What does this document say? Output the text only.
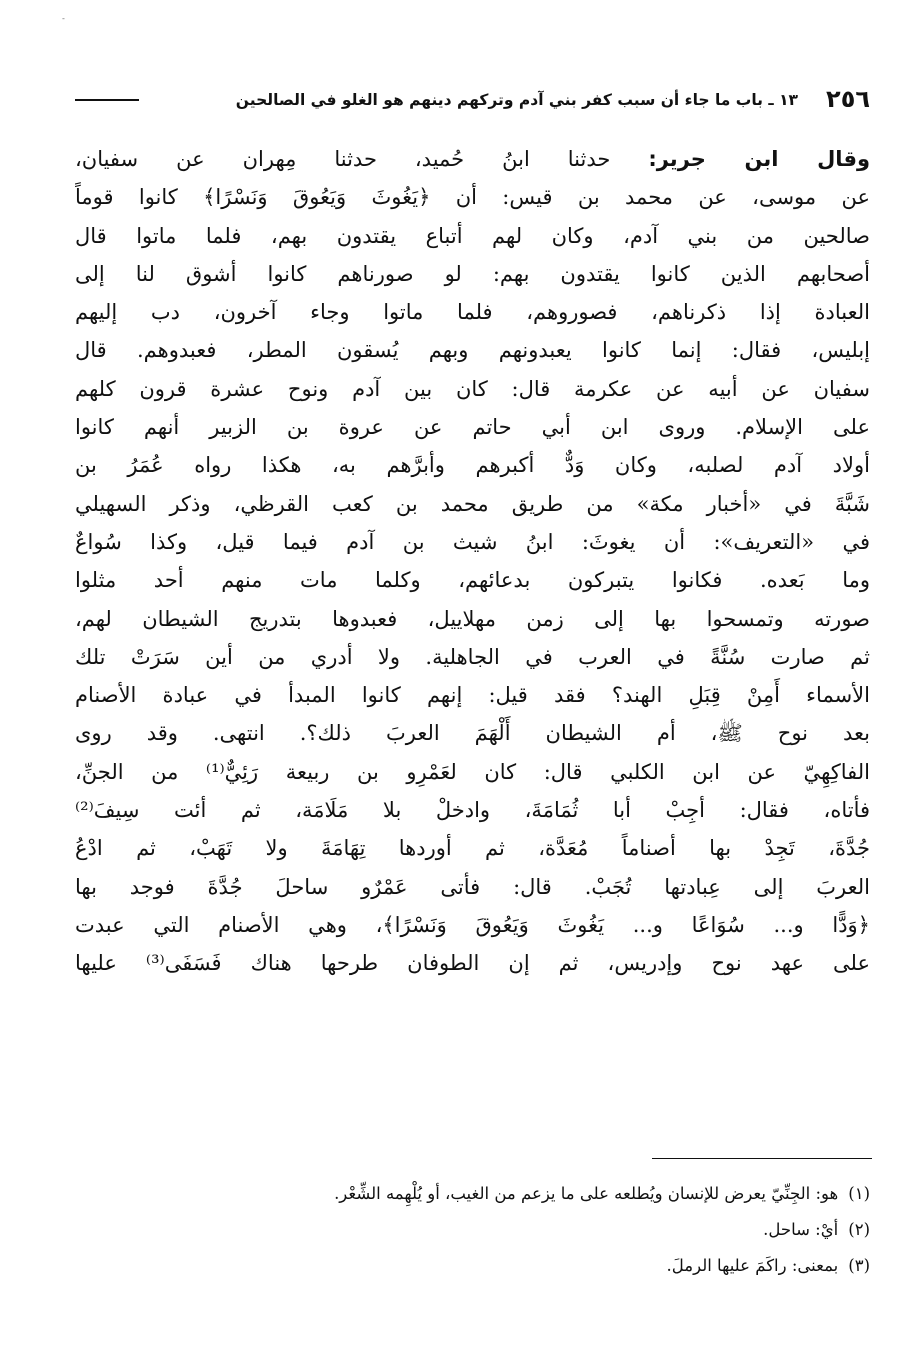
-
٢٥٦
١٣ ـ باب ما جاء أن سبب كفر بني آدم وتركهم دينهم هو الغلو في الصالحين
وقال ابن جرير: حدثنا ابنُ حُميد، حدثنا مِهران عن سفيان،
عن موسى، عن محمد بن قيس: أن ﴿يَغُوثَ وَيَعُوقَ وَنَسْرًا﴾ كانوا قوماً
صالحين من بني آدم، وكان لهم أتباع يقتدون بهم، فلما ماتوا قال
أصحابهم الذين كانوا يقتدون بهم: لو صورناهم كانوا أشوق لنا إلى
العبادة إذا ذكرناهم، فصوروهم، فلما ماتوا وجاء آخرون، دب إليهم
إبليس، فقال: إنما كانوا يعبدونهم وبهم يُسقون المطر، فعبدوهم. قال
سفيان عن أبيه عن عكرمة قال: كان بين آدم ونوح عشرة قرون كلهم
على الإسلام. وروى ابن أبي حاتم عن عروة بن الزبير أنهم كانوا
أولاد آدم لصلبه، وكان وَدٌّ أكبرهم وأبرَّهم به، هكذا رواه عُمَرُ بن
شَبَّةَ في «أخبار مكة» من طريق محمد بن كعب القرظي، وذكر السهيلي
في «التعريف»: أن يغوثَ: ابنُ شيث بن آدم فيما قيل، وكذا سُواعٌ
وما بَعده. فكانوا يتبركون بدعائهم، وكلما مات منهم أحد مثلوا
صورته وتمسحوا بها إلى زمن مهلاييل، فعبدوها بتدريج الشيطان لهم،
ثم صارت سُنَّةً في العرب في الجاهلية. ولا أدري من أين سَرَتْ تلك
الأسماء أَمِنْ قِبَلِ الهند؟ فقد قيل: إنهم كانوا المبدأ في عبادة الأصنام
بعد نوح ﷺ، أم الشيطان أَلْهَمَ العربَ ذلك؟. انتهى. وقد روى
الفاكِهِيّ عن ابن الكلبي قال: كان لعَمْرِو بن ربيعة رَئِيٌّ⁽¹⁾ من الجنِّ،
فأتاه، فقال: أجِبْ أبا ثُمَامَةَ، وادخلْ بلا مَلَامَة، ثم أئت سِيفَ⁽²⁾
جُدَّةَ، تَجِدْ بها أصناماً مُعَدَّة، ثم أوردها تِهَامَةَ ولا تَهَبْ، ثم ادْعُ
العربَ إلى عِبادتها تُجَبْ. قال: فأتى عَمْرٌو ساحلَ جُدَّةَ فوجد بها
﴿وَدًّا و... سُوَاعًا و... يَغُوثَ وَيَعُوقَ وَنَسْرًا﴾، وهي الأصنام التي عبدت
على عهد نوح وإدريس، ثم إن الطوفان طرحها هناك فَسَفَى⁽³⁾ عليها
(١)هو: الجِنِّيّ يعرض للإنسان ويُطلعه على ما يزعم من الغيب، أو يُلْهِمه الشِّعْر.
(٢)أيْ: ساحل.
(٣)بمعنى: راكَمَ عليها الرملَ.
